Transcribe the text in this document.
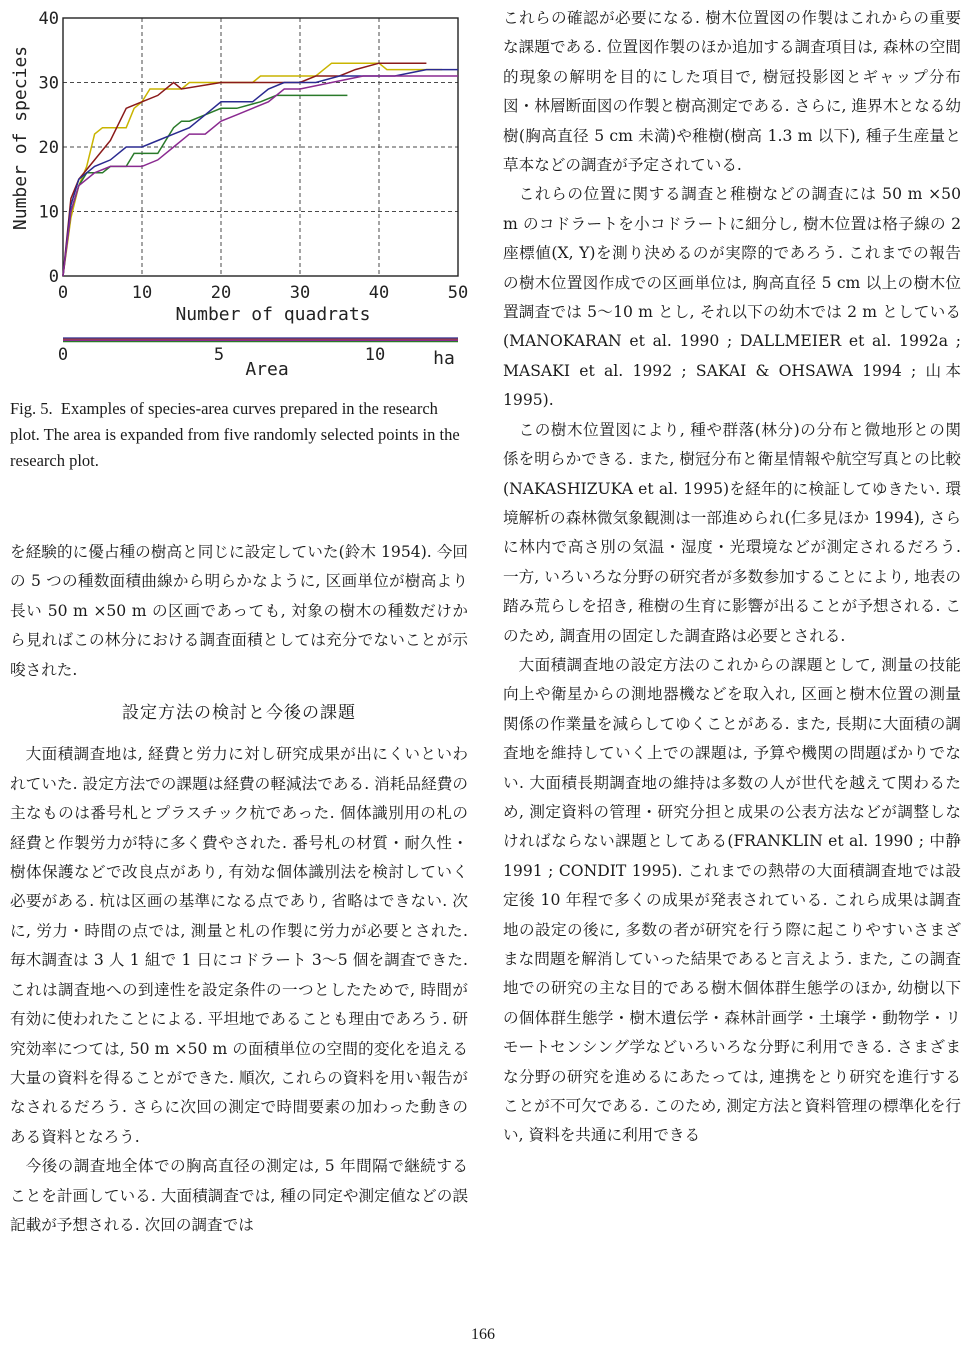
0	10	20	30	40	50
0
10
20
30
40
Number of quadrats
Number of species
0	5	10
Area
ha

Fig. 5. Examples of species-area curves prepared in the research plot. The area is expanded from five randomly selected points in the research plot.

を経験的に優占種の樹高と同じに設定していた(鈴木 1954). 今回の 5 つの種数面積曲線から明らかなように, 区画単位が樹高より長い 50 m ×50 m の区画であっても, 対象の樹木の種数だけから見ればこの林分における調査面積としては充分でないことが示唆された.

設定方法の検討と今後の課題

大面積調査地は, 経費と労力に対し研究成果が出にくいといわれていた. 設定方法での課題は経費の軽減法である. 消耗品経費の主なものは番号札とプラスチック杭であった. 個体識別用の札の経費と作製労力が特に多く費やされた. 番号札の材質・耐久性・樹体保護などで改良点があり, 有効な個体識別法を検討していく必要がある. 杭は区画の基準になる点であり, 省略はできない. 次に, 労力・時間の点では, 測量と札の作製に労力が必要とされた. 毎木調査は 3 人 1 組で 1 日にコドラート 3〜5 個を調査できた. これは調査地への到達性を設定条件の一つとしたためで, 時間が有効に使われたことによる. 平坦地であることも理由であろう. 研究効率につては, 50 m ×50 m の面積単位の空間的変化を追える大量の資料を得ることができた. 順次, これらの資料を用い報告がなされるだろう. さらに次回の測定で時間要素の加わった動きのある資料となろう.

今後の調査地全体での胸高直径の測定は, 5 年間隔で継続することを計画している. 大面積調査では, 種の同定や測定値などの誤記載が予想される. 次回の調査では

これらの確認が必要になる. 樹木位置図の作製はこれからの重要な課題である. 位置図作製のほか追加する調査項目は, 森林の空間的現象の解明を目的にした項目で, 樹冠投影図とギャップ分布図・林層断面図の作製と樹高測定である. さらに, 進界木となる幼樹(胸高直径 5 cm 未満)や稚樹(樹高 1.3 m 以下), 種子生産量と草本などの調査が予定されている.

これらの位置に関する調査と稚樹などの調査には 50 m ×50 m のコドラートを小コドラートに細分し, 樹木位置は格子線の 2 座標値(X, Y)を測り決めるのが実際的であろう. これまでの報告の樹木位置図作成での区画単位は, 胸高直径 5 cm 以上の樹木位置調査では 5〜10 m とし, それ以下の幼木では 2 m としている(MANOKARAN et al. 1990 ; DALLMEIER et al. 1992a ; MASAKI et al. 1992 ; SAKAI & OHSAWA 1994 ; 山本 1995).

この樹木位置図により, 種や群落(林分)の分布と微地形との関係を明らかできる. また, 樹冠分布と衛星情報や航空写真との比較(NAKASHIZUKA et al. 1995)を経年的に検証してゆきたい. 環境解析の森林微気象観測は一部進められ(仁多見ほか 1994), さらに林内で高さ別の気温・湿度・光環境などが測定されるだろう. 一方, いろいろな分野の研究者が多数参加することにより, 地表の踏み荒らしを招き, 稚樹の生育に影響が出ることが予想される. このため, 調査用の固定した調査路は必要とされる.

大面積調査地の設定方法のこれからの課題として, 測量の技能向上や衛星からの測地器機などを取入れ, 区画と樹木位置の測量関係の作業量を減らしてゆくことがある. また, 長期に大面積の調査地を維持していく上での課題は, 予算や機関の問題ばかりでない. 大面積長期調査地の維持は多数の人が世代を越えて関わるため, 測定資料の管理・研究分担と成果の公表方法などが調整しなければならない課題としてある(FRANKLIN et al. 1990 ; 中静 1991 ; CONDIT 1995). これまでの熱帯の大面積調査地では設定後 10 年程で多くの成果が発表されている. これら成果は調査地の設定の後に, 多数の者が研究を行う際に起こりやすいさまざまな問題を解消していった結果であると言えよう. また, この調査地での研究の主な目的である樹木個体群生態学のほか, 幼樹以下の個体群生態学・樹木遺伝学・森林計画学・土壌学・動物学・リモートセンシング学などいろいろな分野に利用できる. さまざまな分野の研究を進めるにあたっては, 連携をとり研究を進行することが不可欠である. このため, 測定方法と資料管理の標準化を行い, 資料を共通に利用できる

166
